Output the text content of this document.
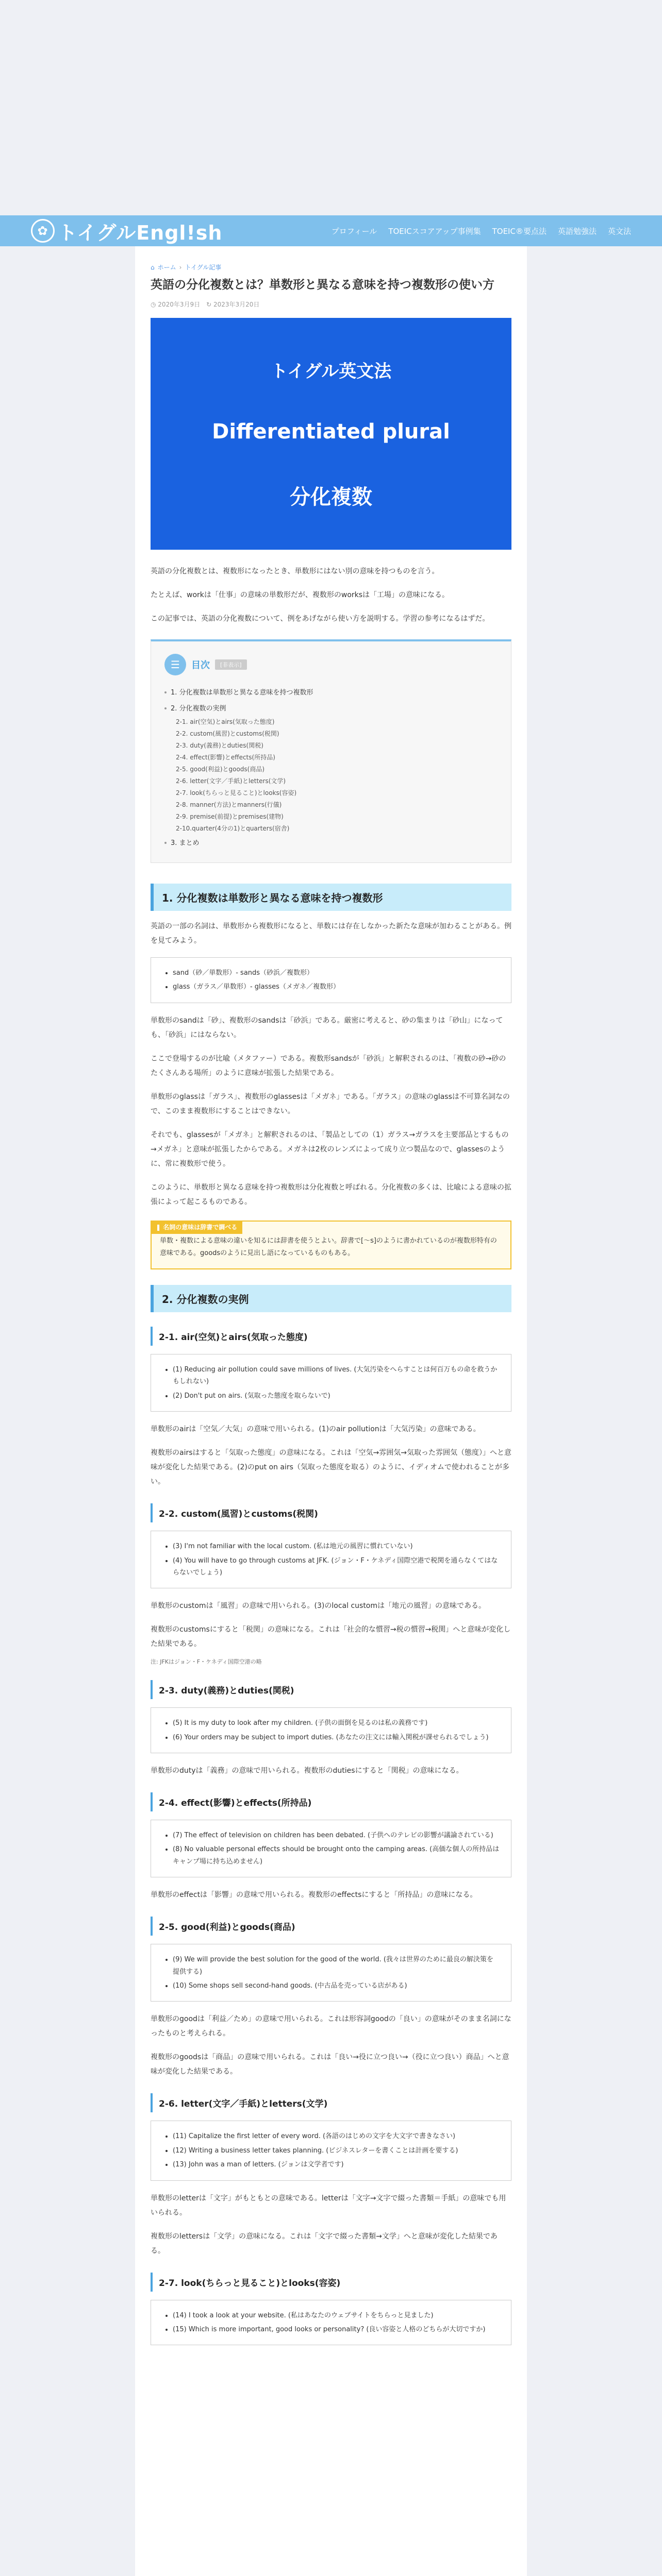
✿ トイグルEngl!sh	プロフィール TOEICスコアアップ事例集 TOEIC®要点法 英語勉強法 英文法
⌂ ホーム › トイグル記事
英語の分化複数とは？単数形と異なる意味を持つ複数形の使い方
◷ 2020年3月9日 ↻ 2023年3月20日
トイグル英文法
Differentiated plural
分化複数

英語の分化複数とは、複数形になったとき、単数形にはない別の意味を持つものを言う。

たとえば、workは「仕事」の意味の単数形だが、複数形のworksは「工場」の意味になる。

この記事では、英語の分化複数について、例をあげながら使い方を説明する。学習の参考になるはずだ。

☰	目次	[非表示]
1. 分化複数は単数形と異なる意味を持つ複数形
2. 分化複数の実例
2-1. air(空気)とairs(気取った態度)
2-2. custom(風習)とcustoms(税関)
2-3. duty(義務)とduties(関税)
2-4. effect(影響)とeffects(所持品)
2-5. good(利益)とgoods(商品)
2-6. letter(文字／手紙)とletters(文学)
2-7. look(ちらっと見ること)とlooks(容姿)
2-8. manner(方法)とmanners(行儀)
2-9. premise(前提)とpremises(建物)
2-10.quarter(4分の1)とquarters(宿舎)
3. まとめ
1. 分化複数は単数形と異なる意味を持つ複数形

英語の一部の名詞は、単数形から複数形になると、単数には存在しなかった新たな意味が加わることがある。例を見てみよう。

• sand（砂／単数形）- sands（砂浜／複数形）
• glass（ガラス／単数形）- glasses（メガネ／複数形）

単数形のsandは「砂」、複数形のsandsは「砂浜」である。厳密に考えると、砂の集まりは「砂山」になっても、「砂浜」にはならない。

ここで登場するのが比喩（メタファー）である。複数形sandsが「砂浜」と解釈されるのは、「複数の砂→砂のたくさんある場所」のように意味が拡張した結果である。

単数形のglassは「ガラス」、複数形のglassesは「メガネ」である。「ガラス」の意味のglassは不可算名詞なので、このまま複数形にすることはできない。

それでも、glassesが「メガネ」と解釈されるのは、「製品としての（1）ガラス→ガラスを主要部品とするもの→メガネ」と意味が拡張したからである。メガネは2枚のレンズによって成り立つ製品なので、glassesのように、常に複数形で使う。

このように、単数形と異なる意味を持つ複数形は分化複数と呼ばれる。分化複数の多くは、比喩による意味の拡張によって起こるものである。

❚ 名詞の意味は辞書で調べる
単数・複数による意味の違いを知るには辞書を使うとよい。辞書で[～s]のように書かれているのが複数形特有の意味である。goodsのように見出し語になっているものもある。
2. 分化複数の実例
2-1. air(空気)とairs(気取った態度)
• (1) Reducing air pollution could save millions of lives. (大気汚染をへらすことは何百万もの命を救うかもしれない)
• (2) Don't put on airs. (気取った態度を取らないで)

単数形のairは「空気／大気」の意味で用いられる。(1)のair pollutionは「大気汚染」の意味である。

複数形のairsはすると「気取った態度」の意味になる。これは「空気→雰囲気→気取った雰囲気（態度）」へと意味が変化した結果である。(2)のput on airs（気取った態度を取る）のように、イディオムで使われることが多い。

2-2. custom(風習)とcustoms(税関)
• (3) I'm not familiar with the local custom. (私は地元の風習に慣れていない)
• (4) You will have to go through customs at JFK. (ジョン・F・ケネディ国際空港で税関を通らなくてはならないでしょう)

単数形のcustomは「風習」の意味で用いられる。(3)のlocal customは「地元の風習」の意味である。

複数形のcustomsにすると「税関」の意味になる。これは「社会的な慣習→税の慣習→税関」へと意味が変化した結果である。

注: JFKはジョン・F・ケネディ国際空港の略

2-3. duty(義務)とduties(関税)
• (5) It is my duty to look after my children. (子供の面倒を見るのは私の義務です)
• (6) Your orders may be subject to import duties. (あなたの注文には輸入関税が課せられるでしょう)

単数形のdutyは「義務」の意味で用いられる。複数形のdutiesにすると「関税」の意味になる。

2-4. effect(影響)とeffects(所持品)
• (7) The effect of television on children has been debated. (子供へのテレビの影響が議論されている)
• (8) No valuable personal effects should be brought onto the camping areas. (高価な個人の所持品はキャンプ場に持ち込めません)

単数形のeffectは「影響」の意味で用いられる。複数形のeffectsにすると「所持品」の意味になる。

2-5. good(利益)とgoods(商品)
• (9) We will provide the best solution for the good of the world. (我々は世界のために最良の解決策を提供する)
• (10) Some shops sell second-hand goods. (中古品を売っている店がある)

単数形のgoodは「利益／ため」の意味で用いられる。これは形容詞goodの「良い」の意味がそのまま名詞になったものと考えられる。

複数形のgoodsは「商品」の意味で用いられる。これは「良い→役に立つ良い→（役に立つ良い）商品」へと意味が変化した結果である。

2-6. letter(文字／手紙)とletters(文学)
• (11) Capitalize the first letter of every word. (各語のはじめの文字を大文字で書きなさい)
• (12) Writing a business letter takes planning. (ビジネスレターを書くことは計画を要する)
• (13) John was a man of letters. (ジョンは文学者です)

単数形のletterは「文字」がもともとの意味である。letterは「文字→文字で綴った書類＝手紙」の意味でも用いられる。

複数形のlettersは「文学」の意味になる。これは「文字で綴った書類→文学」へと意味が変化した結果である。

2-7. look(ちらっと見ること)とlooks(容姿)
• (14) I took a look at your website. (私はあなたのウェブサイトをちらっと見ました)
• (15) Which is more important, good looks or personality? (良い容姿と人格のどちらが大切ですか)
